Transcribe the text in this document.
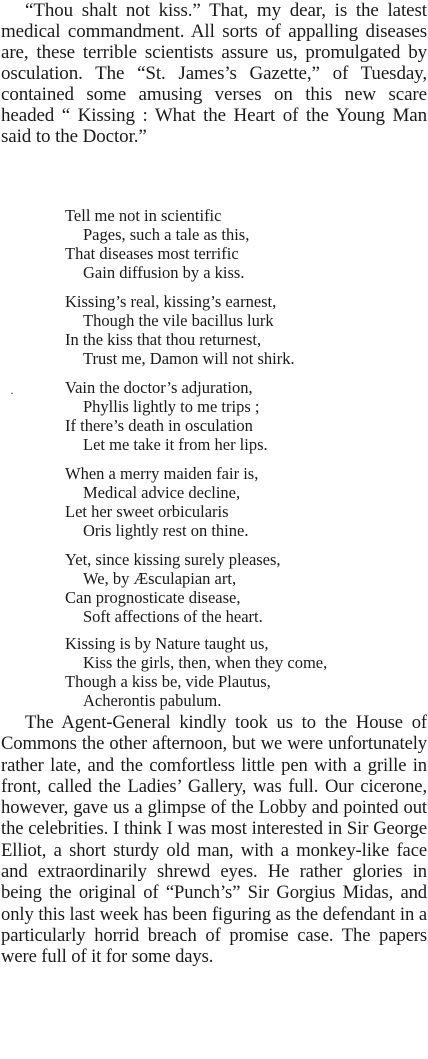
“Thou shalt not kiss.” That, my dear, is the latest medical commandment. All sorts of appalling diseases are, these terrible scientists assure us, promulgated by osculation. The “St. James’s Gazette,” of Tuesday, contained some amusing verses on this new scare headed “ Kissing : What the Heart of the Young Man said to the Doctor.”

Tell me not in scientific
Pages, such a tale as this,
That diseases most terrific
Gain diffusion by a kiss.
Kissing’s real, kissing’s earnest,
Though the vile bacillus lurk
In the kiss that thou returnest,
Trust me, Damon will not shirk.
Vain the doctor’s adjuration,
Phyllis lightly to me trips ;
If there’s death in osculation
Let me take it from her lips.
When a merry maiden fair is,
Medical advice decline,
Let her sweet orbicularis
Oris lightly rest on thine.
Yet, since kissing surely pleases,
We, by Æsculapian art,
Can prognosticate disease,
Soft affections of the heart.
Kissing is by Nature taught us,
Kiss the girls, then, when they come,
Though a kiss be, vide Plautus,
Acherontis pabulum.
·

The Agent-General kindly took us to the House of Commons the other afternoon, but we were unfortunately rather late, and the comfortless little pen with a grille in front, called the Ladies’ Gallery, was full. Our cicerone, however, gave us a glimpse of the Lobby and pointed out the celebrities. I think I was most interested in Sir George Elliot, a short sturdy old man, with a monkey-like face and extraordinarily shrewd eyes. He rather glories in being the original of “Punch’s” Sir Gorgius Midas, and only this last week has been figuring as the defendant in a particularly horrid breach of promise case. The papers were full of it for some days.
